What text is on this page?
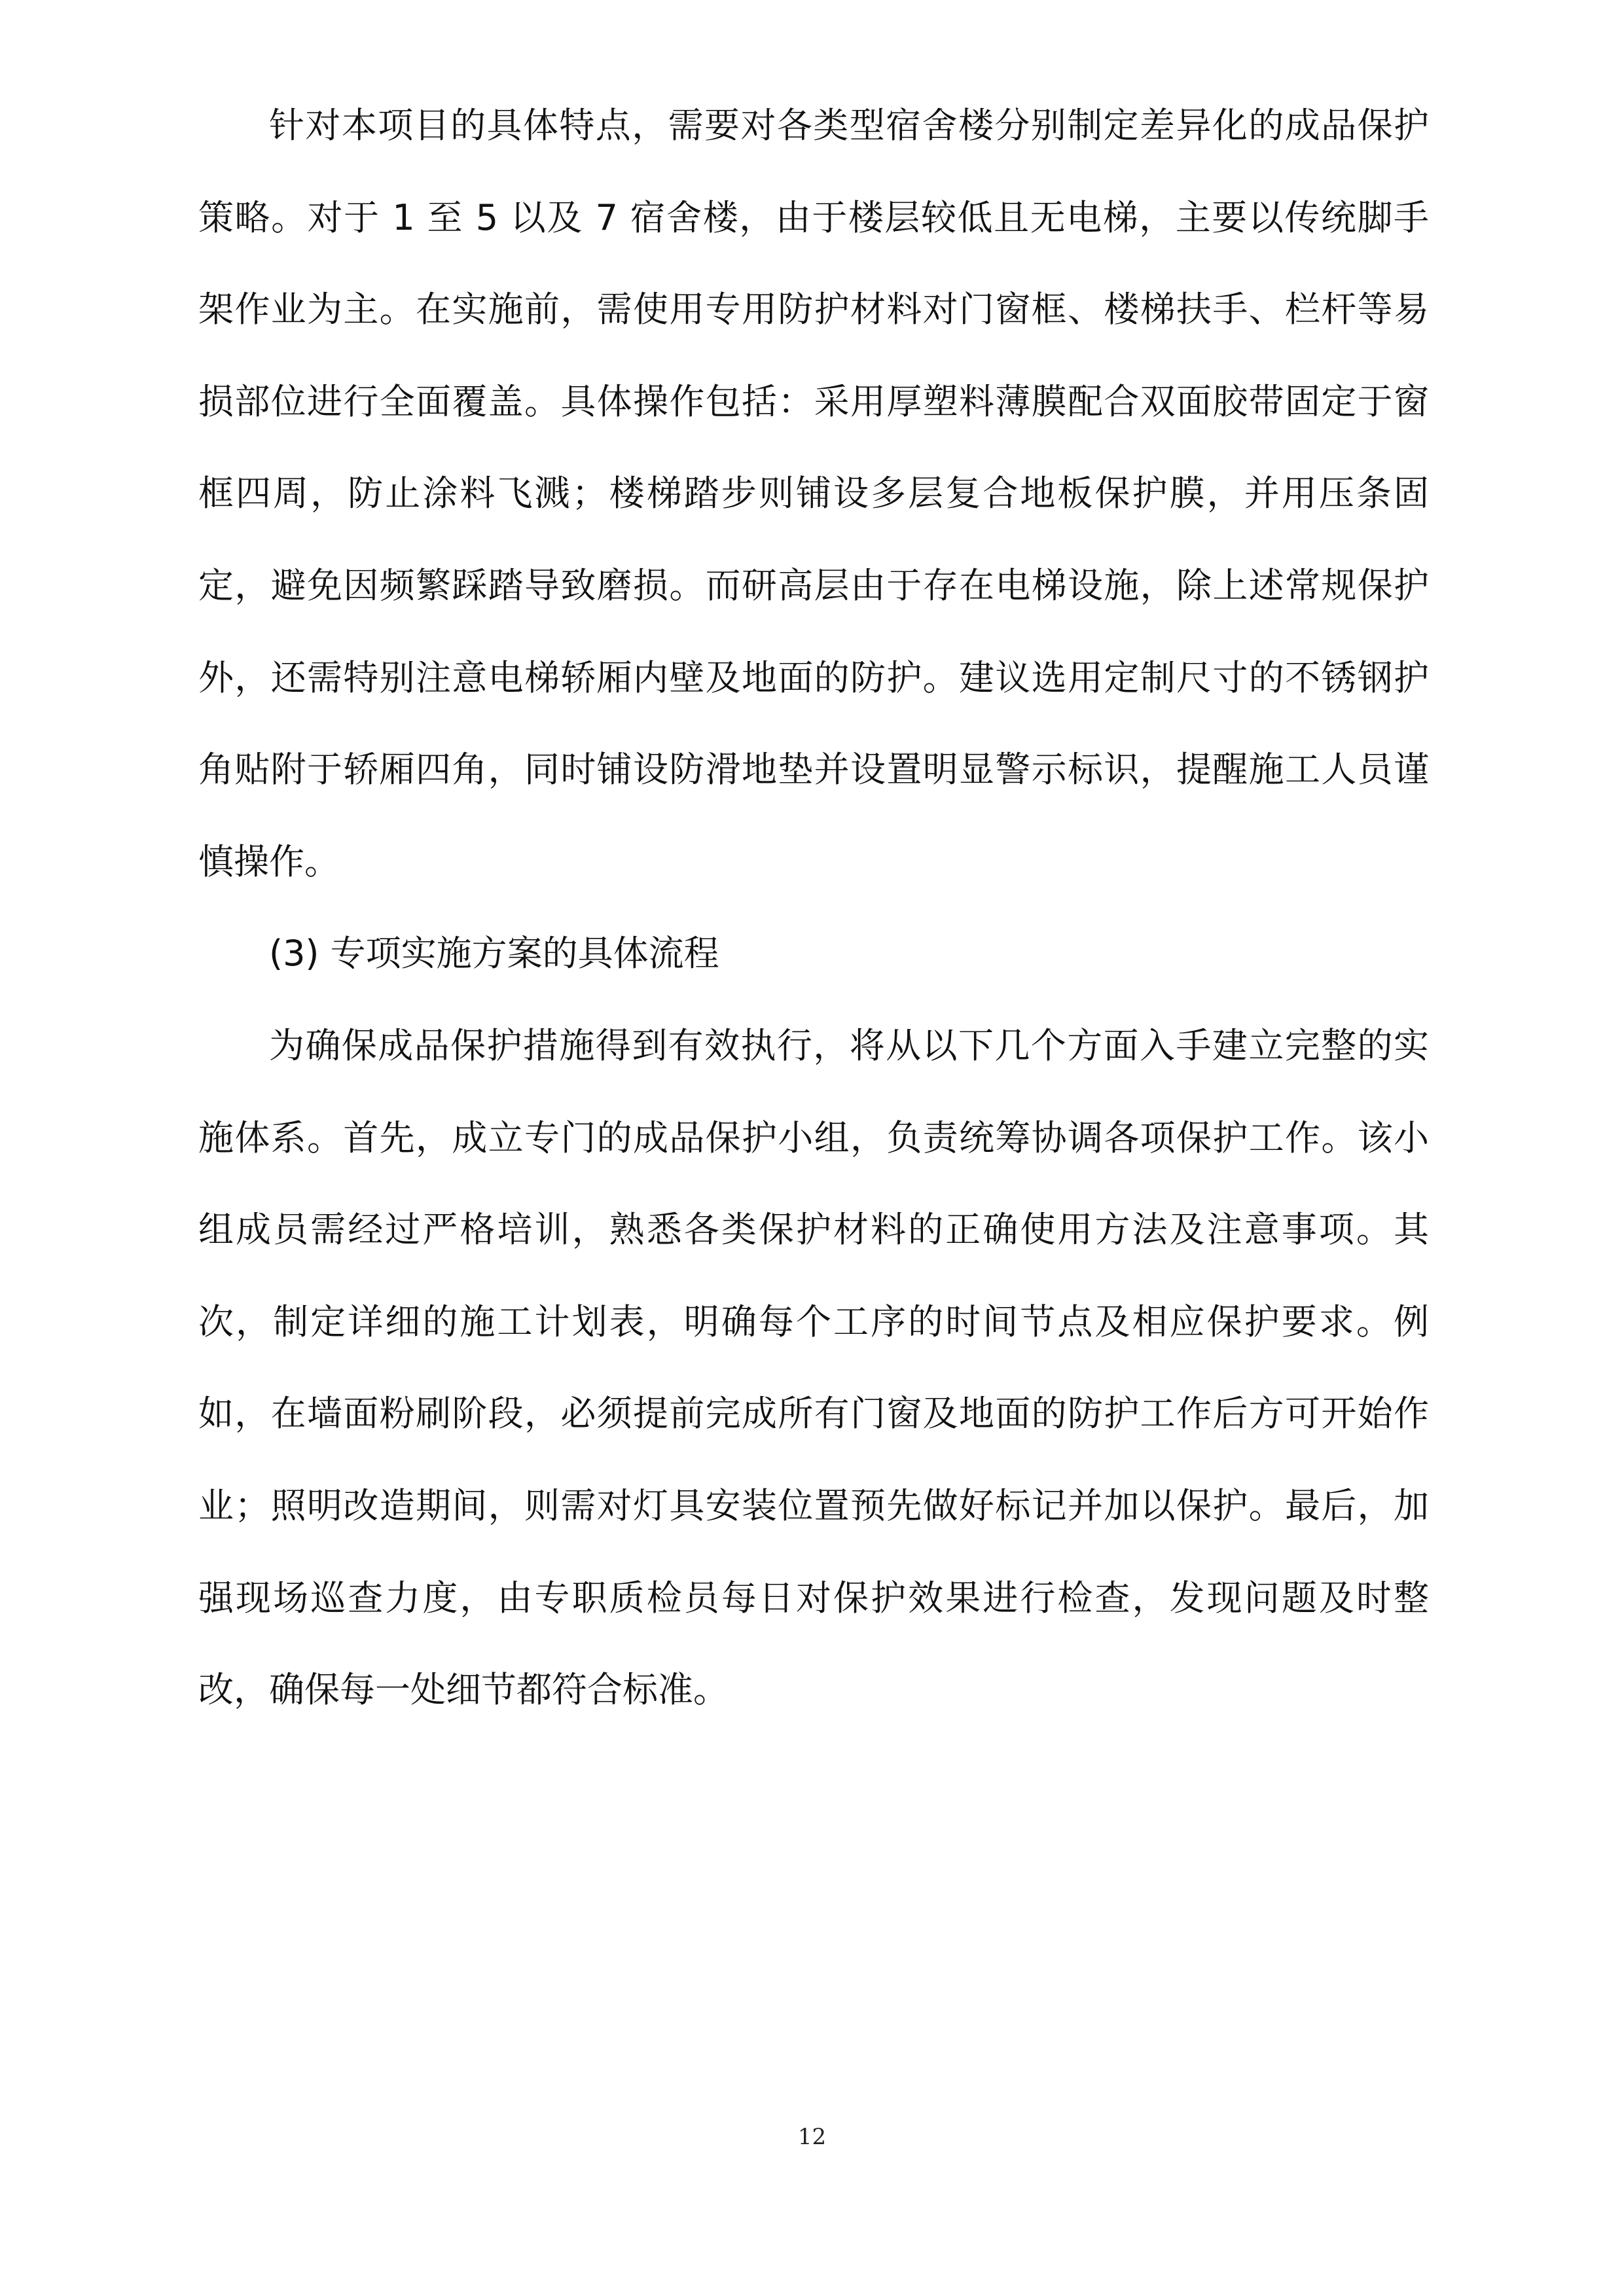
针对本项目的具体特点，需要对各类型宿舍楼分别制定差异化的成品保护策略。对于 1 至 5 以及 7 宿舍楼，由于楼层较低且无电梯，主要以传统脚手架作业为主。在实施前，需使用专用防护材料对门窗框、楼梯扶手、栏杆等易损部位进行全面覆盖。具体操作包括：采用厚塑料薄膜配合双面胶带固定于窗框四周，防止涂料飞溅；楼梯踏步则铺设多层复合地板保护膜，并用压条固定，避免因频繁踩踏导致磨损。而研高层由于存在电梯设施，除上述常规保护外，还需特别注意电梯轿厢内壁及地面的防护。建议选用定制尺寸的不锈钢护角贴附于轿厢四角，同时铺设防滑地垫并设置明显警示标识，提醒施工人员谨慎操作。

(3) 专项实施方案的具体流程

为确保成品保护措施得到有效执行，将从以下几个方面入手建立完整的实施体系。首先，成立专门的成品保护小组，负责统筹协调各项保护工作。该小组成员需经过严格培训，熟悉各类保护材料的正确使用方法及注意事项。其次，制定详细的施工计划表，明确每个工序的时间节点及相应保护要求。例如，在墙面粉刷阶段，必须提前完成所有门窗及地面的防护工作后方可开始作业；照明改造期间，则需对灯具安装位置预先做好标记并加以保护。最后，加强现场巡查力度，由专职质检员每日对保护效果进行检查，发现问题及时整改，确保每一处细节都符合标准。

12
